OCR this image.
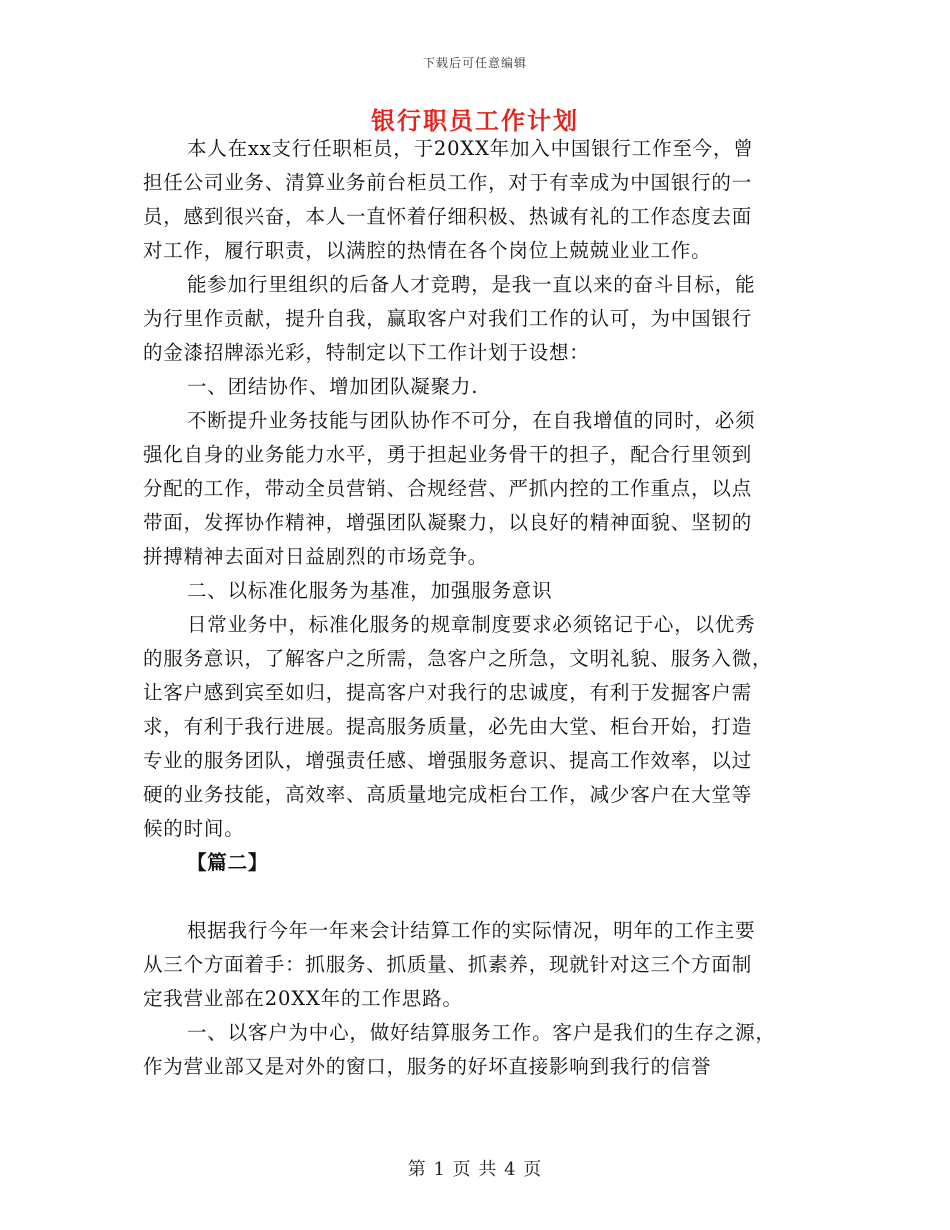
下载后可任意编辑
银行职员工作计划
本人在xx支行任职柜员，于20XX年加入中国银行工作至今，曾
担任公司业务、清算业务前台柜员工作，对于有幸成为中国银行的一
员，感到很兴奋，本人一直怀着仔细积极、热诚有礼的工作态度去面
对工作，履行职责，以满腔的热情在各个岗位上兢兢业业工作。
能参加行里组织的后备人才竞聘，是我一直以来的奋斗目标，能
为行里作贡献，提升自我，赢取客户对我们工作的认可，为中国银行
的金漆招牌添光彩，特制定以下工作计划于设想：
一、团结协作、增加团队凝聚力.
不断提升业务技能与团队协作不可分，在自我增值的同时，必须
强化自身的业务能力水平，勇于担起业务骨干的担子，配合行里领到
分配的工作，带动全员营销、合规经营、严抓内控的工作重点，以点
带面，发挥协作精神，增强团队凝聚力，以良好的精神面貌、坚韧的
拼搏精神去面对日益剧烈的市场竞争。
二、以标准化服务为基准，加强服务意识
日常业务中，标准化服务的规章制度要求必须铭记于心，以优秀
的服务意识，了解客户之所需，急客户之所急，文明礼貌、服务入微，
让客户感到宾至如归，提高客户对我行的忠诚度，有利于发掘客户需
求，有利于我行进展。提高服务质量，必先由大堂、柜台开始，打造
专业的服务团队，增强责任感、增强服务意识、提高工作效率，以过
硬的业务技能，高效率、高质量地完成柜台工作，减少客户在大堂等
候的时间。
【篇二】
根据我行今年一年来会计结算工作的实际情况，明年的工作主要
从三个方面着手：抓服务、抓质量、抓素养，现就针对这三个方面制
定我营业部在20XX年的工作思路。
一、以客户为中心，做好结算服务工作。客户是我们的生存之源，
作为营业部又是对外的窗口，服务的好坏直接影响到我行的信誉
第 1 页 共 4 页
